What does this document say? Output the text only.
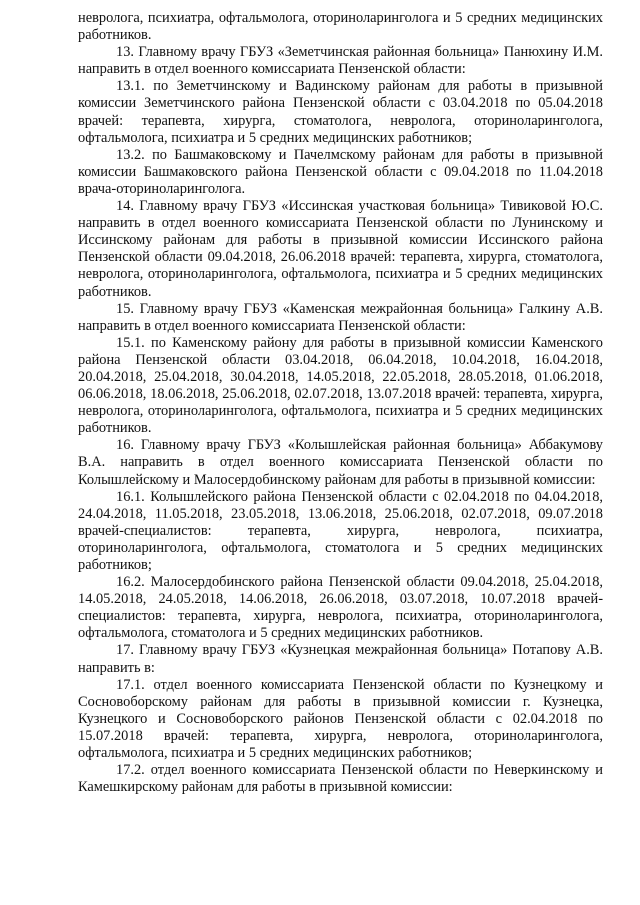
невролога, психиатра, офтальмолога, оториноларинголога и 5 средних медицинских работников.

13. Главному врачу ГБУЗ «Земетчинская районная больница» Панюхину И.М. направить в отдел военного комиссариата Пензенской области:

13.1. по Земетчинскому и Вадинскому районам для работы в призывной комиссии Земетчинского района Пензенской области с 03.04.2018 по 05.04.2018 врачей: терапевта, хирурга, стоматолога, невролога, оториноларинголога, офтальмолога, психиатра и 5 средних медицинских работников;

13.2. по Башмаковскому и Пачелмскому районам для работы в призывной комиссии Башмаковского района Пензенской области с 09.04.2018 по 11.04.2018 врача-оториноларинголога.

14. Главному врачу ГБУЗ «Иссинская участковая больница» Тивиковой Ю.С. направить в отдел военного комиссариата Пензенской области по Лунинскому и Иссинскому районам для работы в призывной комиссии Иссинского района Пензенской области 09.04.2018, 26.06.2018 врачей: терапевта, хирурга, стоматолога, невролога, оториноларинголога, офтальмолога, психиатра и 5 средних медицинских работников.

15. Главному врачу ГБУЗ «Каменская межрайонная больница» Галкину А.В. направить в отдел военного комиссариата Пензенской области:

15.1. по Каменскому району для работы в призывной комиссии Каменского района Пензенской области 03.04.2018, 06.04.2018, 10.04.2018, 16.04.2018, 20.04.2018, 25.04.2018, 30.04.2018, 14.05.2018, 22.05.2018, 28.05.2018, 01.06.2018, 06.06.2018, 18.06.2018, 25.06.2018, 02.07.2018, 13.07.2018 врачей: терапевта, хирурга, невролога, оториноларинголога, офтальмолога, психиатра и 5 средних медицинских работников.

16. Главному врачу ГБУЗ «Колышлейская районная больница» Аббакумову В.А. направить в отдел военного комиссариата Пензенской области по Колышлейскому и Малосердобинскому районам для работы в призывной комиссии:

16.1. Колышлейского района Пензенской области с 02.04.2018 по 04.04.2018, 24.04.2018, 11.05.2018, 23.05.2018, 13.06.2018, 25.06.2018, 02.07.2018, 09.07.2018 врачей-специалистов: терапевта, хирурга, невролога, психиатра, оториноларинголога, офтальмолога, стоматолога и 5 средних медицинских работников;

16.2. Малосердобинского района Пензенской области 09.04.2018, 25.04.2018, 14.05.2018, 24.05.2018, 14.06.2018, 26.06.2018, 03.07.2018, 10.07.2018 врачей-специалистов: терапевта, хирурга, невролога, психиатра, оториноларинголога, офтальмолога, стоматолога и 5 средних медицинских работников.

17. Главному врачу ГБУЗ «Кузнецкая межрайонная больница» Потапову А.В. направить в:

17.1. отдел военного комиссариата Пензенской области по Кузнецкому и Сосновоборскому районам для работы в призывной комиссии г. Кузнецка, Кузнецкого и Сосновоборского районов Пензенской области с 02.04.2018 по 15.07.2018 врачей: терапевта, хирурга, невролога, оториноларинголога, офтальмолога, психиатра и 5 средних медицинских работников;

17.2. отдел военного комиссариата Пензенской области по Неверкинскому и Камешкирскому районам для работы в призывной комиссии:
